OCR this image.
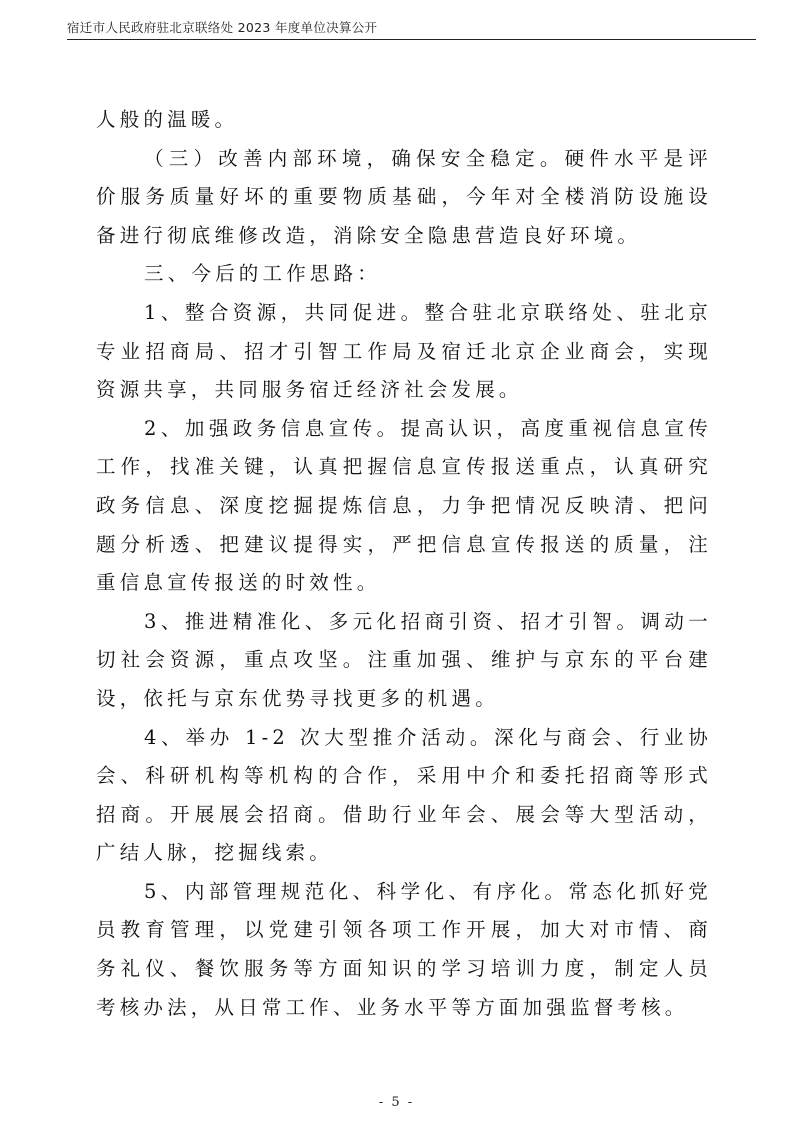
宿迁市人民政府驻北京联络处 2023 年度单位决算公开

人般的温暖。

（三）改善内部环境，确保安全稳定。硬件水平是评价服务质量好坏的重要物质基础，今年对全楼消防设施设备进行彻底维修改造，消除安全隐患营造良好环境。

三、今后的工作思路：

1、整合资源，共同促进。整合驻北京联络处、驻北京专业招商局、招才引智工作局及宿迁北京企业商会，实现资源共享，共同服务宿迁经济社会发展。

2、加强政务信息宣传。提高认识，高度重视信息宣传工作，找准关键，认真把握信息宣传报送重点，认真研究政务信息、深度挖掘提炼信息，力争把情况反映清、把问题分析透、把建议提得实，严把信息宣传报送的质量，注重信息宣传报送的时效性。

3、推进精准化、多元化招商引资、招才引智。调动一切社会资源，重点攻坚。注重加强、维护与京东的平台建设，依托与京东优势寻找更多的机遇。

4、举办 1-2 次大型推介活动。深化与商会、行业协会、科研机构等机构的合作，采用中介和委托招商等形式招商。开展展会招商。借助行业年会、展会等大型活动，广结人脉，挖掘线索。

5、内部管理规范化、科学化、有序化。常态化抓好党员教育管理，以党建引领各项工作开展，加大对市情、商务礼仪、餐饮服务等方面知识的学习培训力度，制定人员考核办法，从日常工作、业务水平等方面加强监督考核。

- 5 -
